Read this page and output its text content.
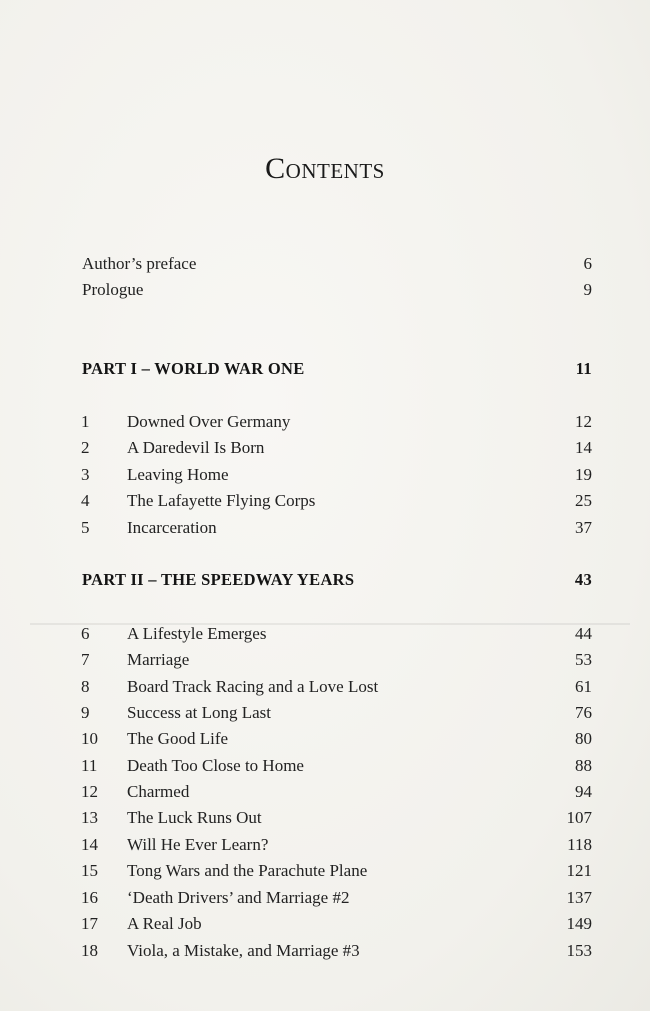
Contents
Author’s preface	6
Prologue	9
PART I – WORLD WAR ONE	11
1	Downed Over Germany	12
2	A Daredevil Is Born	14
3	Leaving Home	19
4	The Lafayette Flying Corps	25
5	Incarceration	37
PART II – THE SPEEDWAY YEARS	43
6	A Lifestyle Emerges	44
7	Marriage	53
8	Board Track Racing and a Love Lost	61
9	Success at Long Last	76
10	The Good Life	80
11	Death Too Close to Home	88
12	Charmed	94
13	The Luck Runs Out	107
14	Will He Ever Learn?	118
15	Tong Wars and the Parachute Plane	121
16	‘Death Drivers’ and Marriage #2	137
17	A Real Job	149
18	Viola, a Mistake, and Marriage #3	153
